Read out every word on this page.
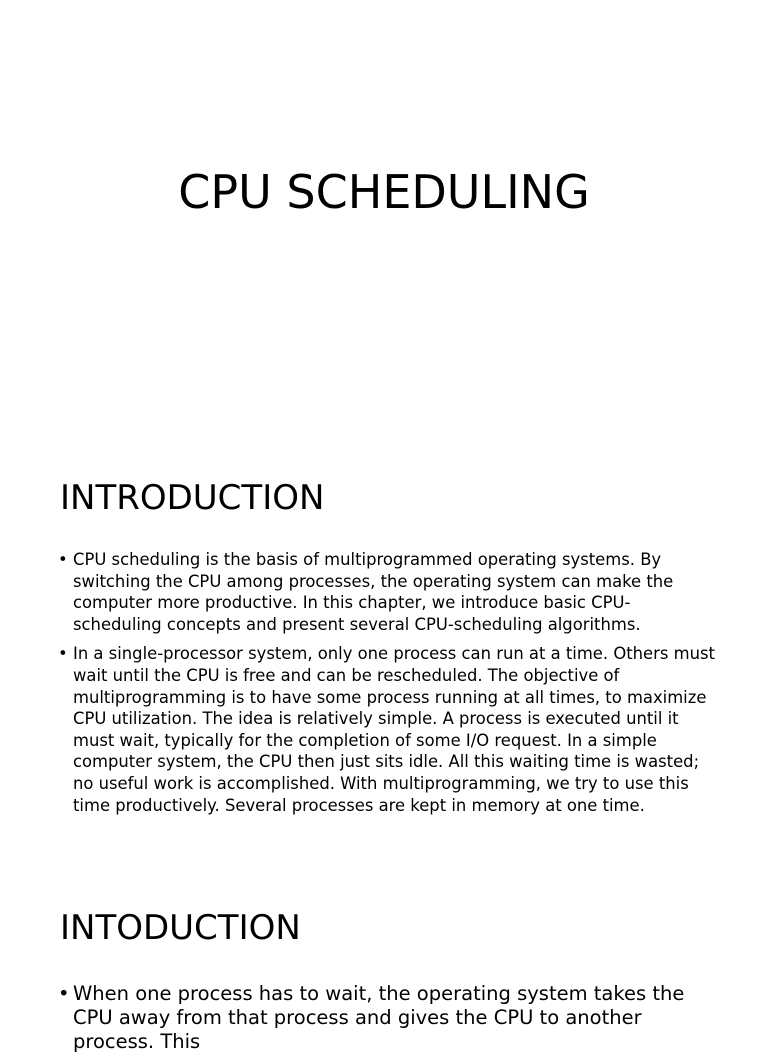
CPU SCHEDULING
INTRODUCTION
• CPU scheduling is the basis of multiprogrammed operating systems. By switching the CPU among processes, the operating system can make the computer more productive. In this chapter, we introduce basic CPU-scheduling concepts and present several CPU-scheduling algorithms.
• In a single-processor system, only one process can run at a time. Others must wait until the CPU is free and can be rescheduled. The objective of multiprogramming is to have some process running at all times, to maximize CPU utilization. The idea is relatively simple. A process is executed until it must wait, typically for the completion of some I/O request. In a simple computer system, the CPU then just sits idle. All this waiting time is wasted; no useful work is accomplished. With multiprogramming, we try to use this time productively. Several processes are kept in memory at one time.
INTODUCTION
• When one process has to wait, the operating system takes the CPU away from that process and gives the CPU to another process. This
